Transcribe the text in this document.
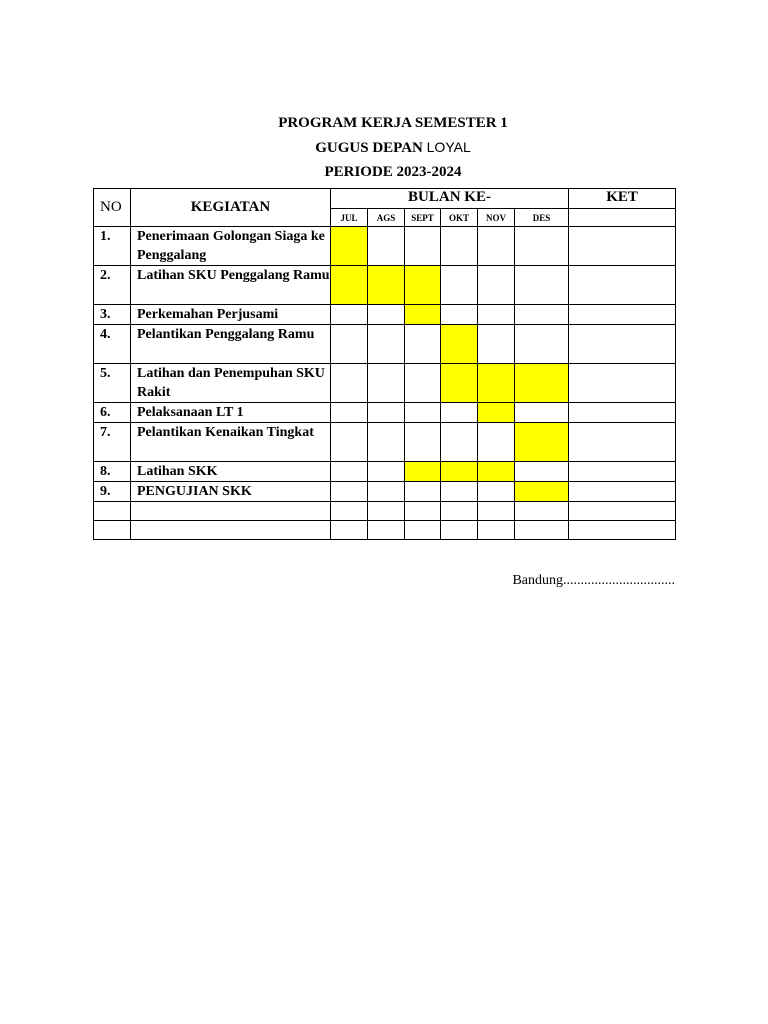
PROGRAM KERJA SEMESTER 1
GUGUS DEPAN LOYAL
PERIODE 2023-2024
NO	KEGIATAN	BULAN KE-						KET
		JUL	AGS	SEPT	OKT	NOV	DES	
1.	Penerimaan Golongan Siaga ke Penggalang							
2.	Latihan SKU Penggalang Ramu							
3.	Perkemahan Perjusami							
4.	Pelantikan Penggalang Ramu							
5.	Latihan dan Penempuhan SKU Rakit							
6.	Pelaksanaan LT 1							
7.	Pelantikan Kenaikan Tingkat							
8.	Latihan SKK							
9.	PENGUJIAN SKK							

Bandung................................
